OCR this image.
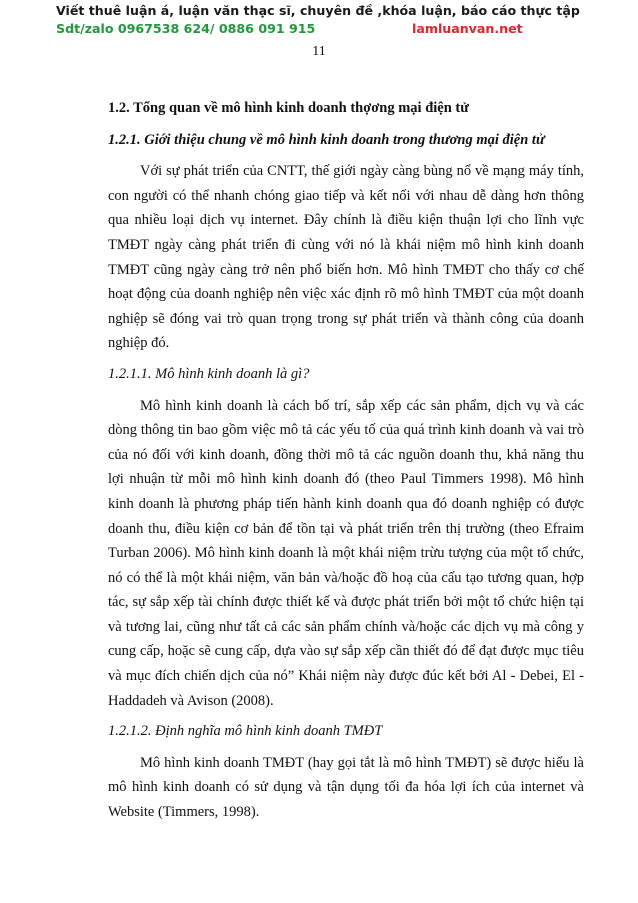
Viết thuê luận á, luận văn thạc sĩ, chuyên đề ,khóa luận, báo cáo thực tập
Sdt/zalo 0967538 624/ 0886 091 915	lamluanvan.net
11

1.2. Tổng quan về mô hình kinh doanh thợơng mại điện tử

1.2.1. Giới thiệu chung về mô hình kinh doanh trong thương mại điện tử

Với sự phát triển của CNTT, thế giới ngày càng bùng nổ về mạng máy tính, con người có thể nhanh chóng giao tiếp và kết nối với nhau dễ dàng hơn thông qua nhiều loại dịch vụ internet. Đây chính là điều kiện thuận lợi cho lĩnh vực TMĐT ngày càng phát triển đi cùng với nó là khái niệm mô hình kinh doanh TMĐT cũng ngày càng trở nên phổ biến hơn. Mô hình TMĐT cho thấy cơ chế hoạt động của doanh nghiệp nên việc xác định rõ mô hình TMĐT của một doanh nghiệp sẽ đóng vai trò quan trọng trong sự phát triển và thành công của doanh nghiệp đó.

1.2.1.1. Mô hình kinh doanh là gì?

Mô hình kinh doanh là cách bố trí, sắp xếp các sản phẩm, dịch vụ và các dòng thông tin bao gồm việc mô tả các yếu tố của quá trình kinh doanh và vai trò của nó đối với kinh doanh, đồng thời mô tả các nguồn doanh thu, khả năng thu lợi nhuận từ mỗi mô hình kinh doanh đó (theo Paul Timmers 1998). Mô hình kinh doanh là phương pháp tiến hành kinh doanh qua đó doanh nghiệp có được doanh thu, điều kiện cơ bản để tồn tại và phát triển trên thị trường (theo Efraim Turban 2006). Mô hình kinh doanh là một khái niệm trừu tượng của một tổ chức, nó có thể là một khái niệm, văn bản và/hoặc đồ hoạ của cấu tạo tương quan, hợp tác, sự sắp xếp tài chính được thiết kế và được phát triển bởi một tổ chức hiện tại và tương lai, cũng như tất cả các sản phẩm chính và/hoặc các dịch vụ mà công y cung cấp, hoặc sẽ cung cấp, dựa vào sự sắp xếp cần thiết đó để đạt được mục tiêu và mục đích chiến dịch của nó” Khái niệm này được đúc kết bởi Al - Debei, El - Haddadeh và Avison (2008).

1.2.1.2. Định nghĩa mô hình kinh doanh TMĐT

Mô hình kinh doanh TMĐT (hay gọi tắt là mô hình TMĐT) sẽ được hiểu là mô hình kinh doanh có sử dụng và tận dụng tối đa hóa lợi ích của internet và Website (Timmers, 1998).
